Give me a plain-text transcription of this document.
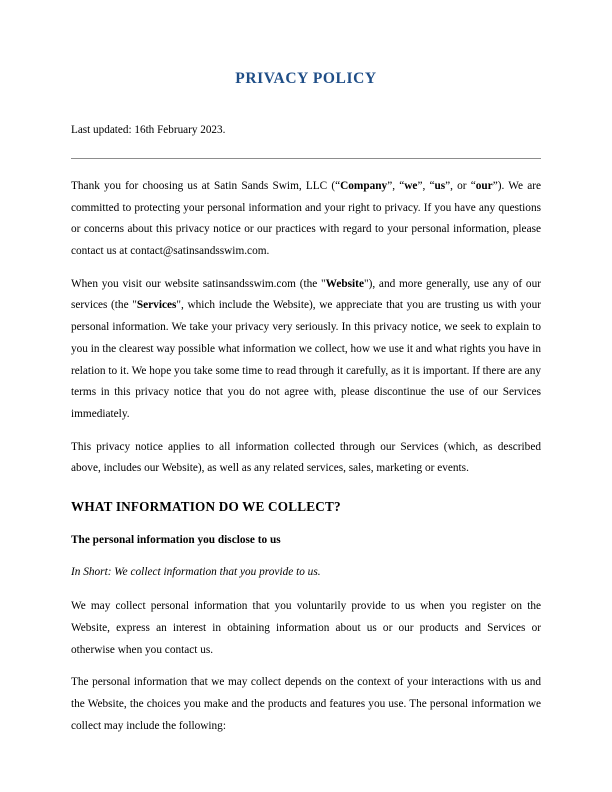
PRIVACY POLICY

Last updated: 16th February 2023.

Thank you for choosing us at Satin Sands Swim, LLC (“Company”, “we”, “us”, or “our”). We are committed to protecting your personal information and your right to privacy. If you have any questions or concerns about this privacy notice or our practices with regard to your personal information, please contact us at contact@satinsandsswim.com.

When you visit our website satinsandsswim.com (the "Website"), and more generally, use any of our services (the "Services", which include the Website), we appreciate that you are trusting us with your personal information. We take your privacy very seriously. In this privacy notice, we seek to explain to you in the clearest way possible what information we collect, how we use it and what rights you have in relation to it. We hope you take some time to read through it carefully, as it is important. If there are any terms in this privacy notice that you do not agree with, please discontinue the use of our Services immediately.

This privacy notice applies to all information collected through our Services (which, as described above, includes our Website), as well as any related services, sales, marketing or events.

WHAT INFORMATION DO WE COLLECT?
The personal information you disclose to us

In Short: We collect information that you provide to us.

We may collect personal information that you voluntarily provide to us when you register on the Website, express an interest in obtaining information about us or our products and Services or otherwise when you contact us.

The personal information that we may collect depends on the context of your interactions with us and the Website, the choices you make and the products and features you use. The personal information we collect may include the following:
